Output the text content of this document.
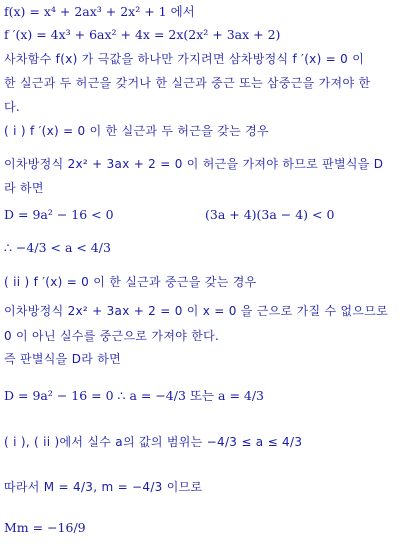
f(x) = x⁴ + 2ax³ + 2x² + 1 에서
f ′(x) = 4x³ + 6ax² + 4x = 2x(2x² + 3ax + 2)
사차함수 f(x) 가 극값을 하나만 가지려면 삼차방정식 f ′(x) = 0 이
한 실근과 두 허근을 갖거나 한 실근과 중근 또는 삼중근을 가져야 한
다.
( i ) f ′(x) = 0 이 한 실근과 두 허근을 갖는 경우
이차방정식 2x² + 3ax + 2 = 0 이 허근을 가져야 하므로 판별식을 D
라 하면
D = 9a² − 16 < 0	(3a + 4)(3a − 4) < 0
∴ −4/3 < a < 4/3
( ii ) f ′(x) = 0 이 한 실근과 중근을 갖는 경우
이차방정식 2x² + 3ax + 2 = 0 이 x = 0 을 근으로 가질 수 없으므로
0 이 아닌 실수를 중근으로 가져야 한다.
즉 판별식을 D라 하면
D = 9a² − 16 = 0 ∴ a = −4/3 또는 a = 4/3
( i ), ( ii )에서 실수 a의 값의 범위는 −4/3 ≤ a ≤ 4/3
따라서 M = 4/3, m = −4/3 이므로
Mm = −16/9
